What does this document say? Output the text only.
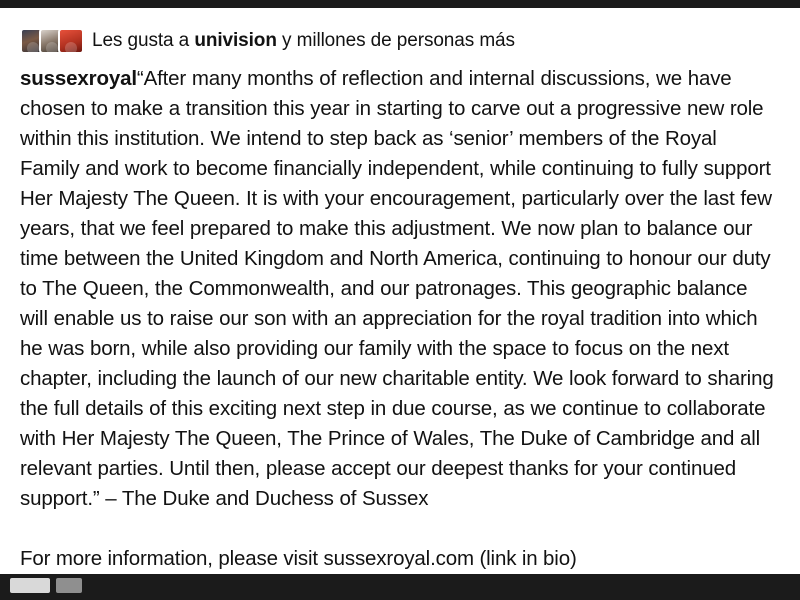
Les gusta a univision y millones de personas más
sussexroyal“After many months of reflection and internal discussions, we have chosen to make a transition this year in starting to carve out a progressive new role within this institution. We intend to step back as ‘senior’ members of the Royal Family and work to become financially independent, while continuing to fully support Her Majesty The Queen. It is with your encouragement, particularly over the last few years, that we feel prepared to make this adjustment. We now plan to balance our time between the United Kingdom and North America, continuing to honour our duty to The Queen, the Commonwealth, and our patronages. This geographic balance will enable us to raise our son with an appreciation for the royal tradition into which he was born, while also providing our family with the space to focus on the next chapter, including the launch of our new charitable entity. We look forward to sharing the full details of this exciting next step in due course, as we continue to collaborate with Her Majesty The Queen, The Prince of Wales, The Duke of Cambridge and all relevant parties. Until then, please accept our deepest thanks for your continued support.” – The Duke and Duchess of Sussex
For more information, please visit sussexroyal.com (link in bio)
